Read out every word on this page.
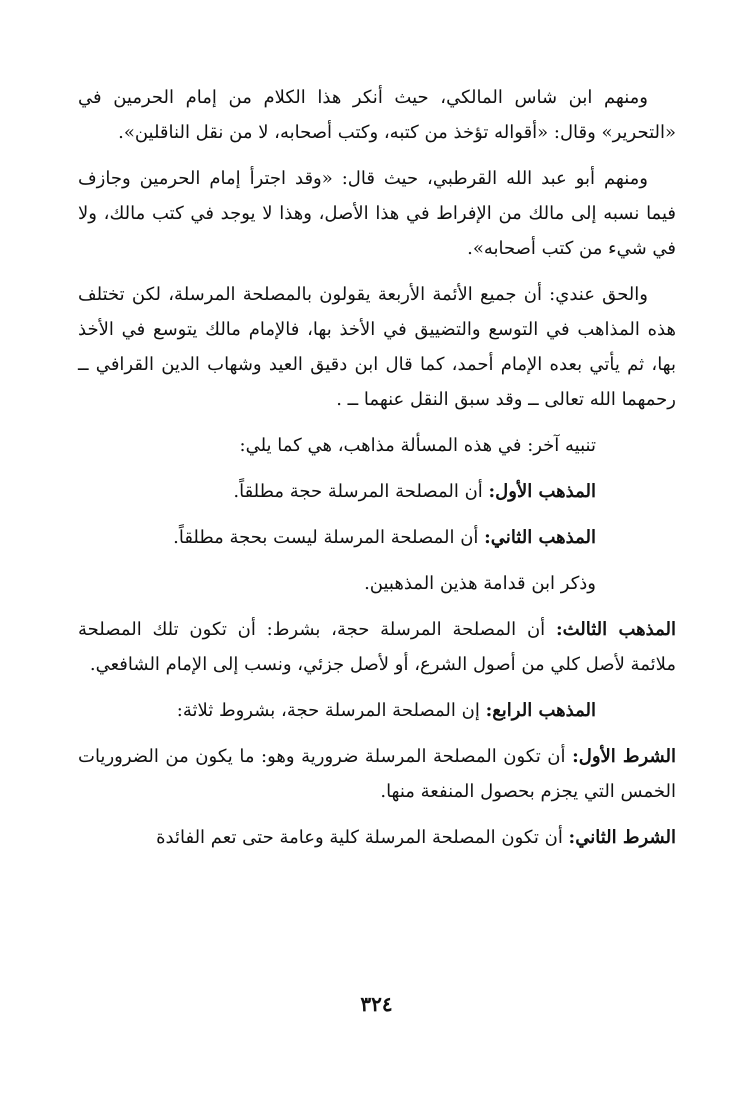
ومنهم ابن شاس المالكي، حيث أنكر هذا الكلام من إمام الحرمين في «التحرير» وقال: «أقواله تؤخذ من كتبه، وكتب أصحابه، لا من نقل الناقلين».

ومنهم أبو عبد الله القرطبي، حيث قال: «وقد اجترأ إمام الحرمين وجازف فيما نسبه إلى مالك من الإفراط في هذا الأصل، وهذا لا يوجد في كتب مالك، ولا في شيء من كتب أصحابه».

والحق عندي: أن جميع الأئمة الأربعة يقولون بالمصلحة المرسلة، لكن تختلف هذه المذاهب في التوسع والتضييق في الأخذ بها، فالإمام مالك يتوسع في الأخذ بها، ثم يأتي بعده الإمام أحمد، كما قال ابن دقيق العيد وشهاب الدين القرافي ــ رحمهما الله تعالى ــ وقد سبق النقل عنهما ــ .

تنبيه آخر: في هذه المسألة مذاهب، هي كما يلي:

المذهب الأول: أن المصلحة المرسلة حجة مطلقاً.

المذهب الثاني: أن المصلحة المرسلة ليست بحجة مطلقاً.

وذكر ابن قدامة هذين المذهبين.

المذهب الثالث: أن المصلحة المرسلة حجة، بشرط: أن تكون تلك المصلحة ملائمة لأصل كلي من أصول الشرع، أو لأصل جزئي، ونسب إلى الإمام الشافعي.

المذهب الرابع: إن المصلحة المرسلة حجة، بشروط ثلاثة:

الشرط الأول: أن تكون المصلحة المرسلة ضرورية وهو: ما يكون من الضروريات الخمس التي يجزم بحصول المنفعة منها.

الشرط الثاني: أن تكون المصلحة المرسلة كلية وعامة حتى تعم الفائدة

٣٢٤
